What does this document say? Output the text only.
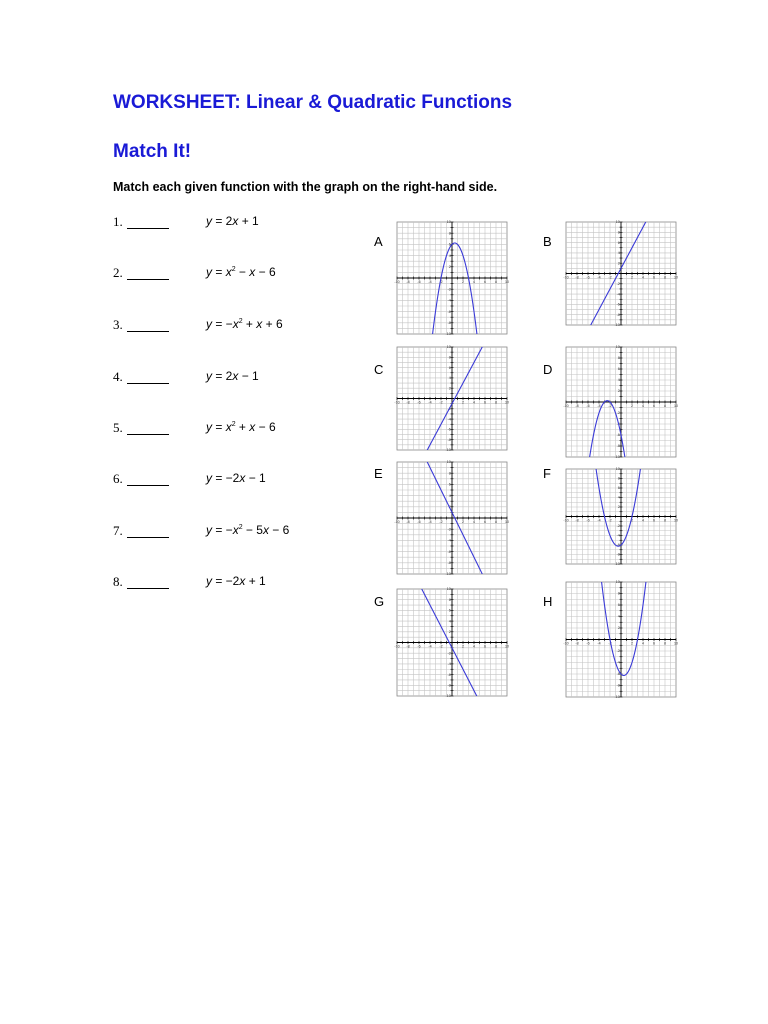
WORKSHEET: Linear & Quadratic Functions
Match It!

Match each given function with the graph on the right-hand side.

1.	y = 2x + 1
2.	$y = x^2 - x - 6$
3.	$y = -x^2 + x + 6$
4.	y = 2x − 1
5.	$y = x^2 + x - 6$
6.	y = −2x − 1
7.	$y = -x^2 - 5x - 6$
8.	y = −2x + 1
A
-10 -8 -6 -4 -2	2	4	6	8 10
-10
-8
-6
-4
-2
2
4
6
8
10
B
-10 -8 -6 -4 -2	2	4	6	8 10
-10
-8
-6
-4
-2
2
4
6
8
10
C
-10 -8 -6 -4 -2	2	4	6	8 10
-10
-8
-6
-4
-2
2
4
6
8
10
D
-10 -8 -6 -4 -2	2	4	6	8 10
-10
-8
-6
-4
-2
2
4
6
8
10
E
-10 -8 -6 -4 -2	2	4	6	8 10
-10
-8
-6
-4
-2
2
4
6
8
10
F
-10 -8 -6 -4 -2	2	4	6	8 10
-10
-8
-6
-4
-2
2
4
6
8
10
G
-10 -8 -6 -4 -2	2	4	6	8 10
-10
-8
-6
-4
-2
2
4
6
8
10
H
-10 -8 -6 -4 -2	2	4	6	8 10
-10
-8
-6
-4
-2
2
4
6
8
10
